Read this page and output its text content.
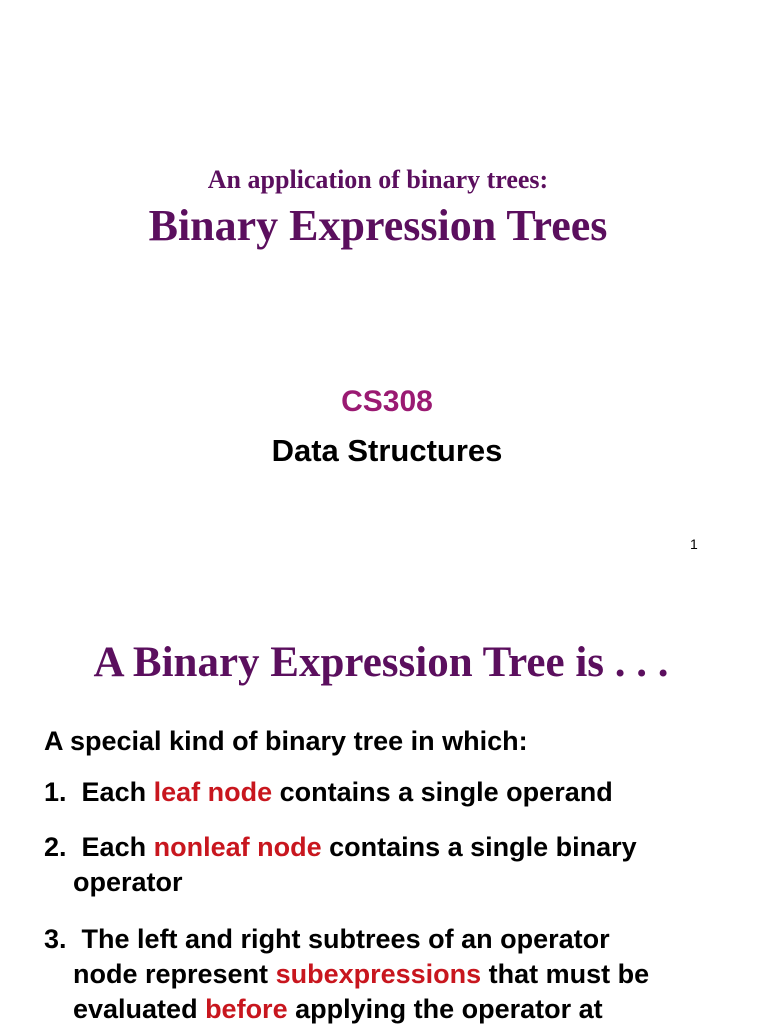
An application of binary trees:
Binary Expression Trees
CS308
Data Structures
1
A Binary Expression Tree is . . .
A special kind of binary tree in which:
1. Each leaf node contains a single operand
2. Each nonleaf node contains a single binary
operator
3. The left and right subtrees of an operator
node represent subexpressions that must be
evaluated before applying the operator at
